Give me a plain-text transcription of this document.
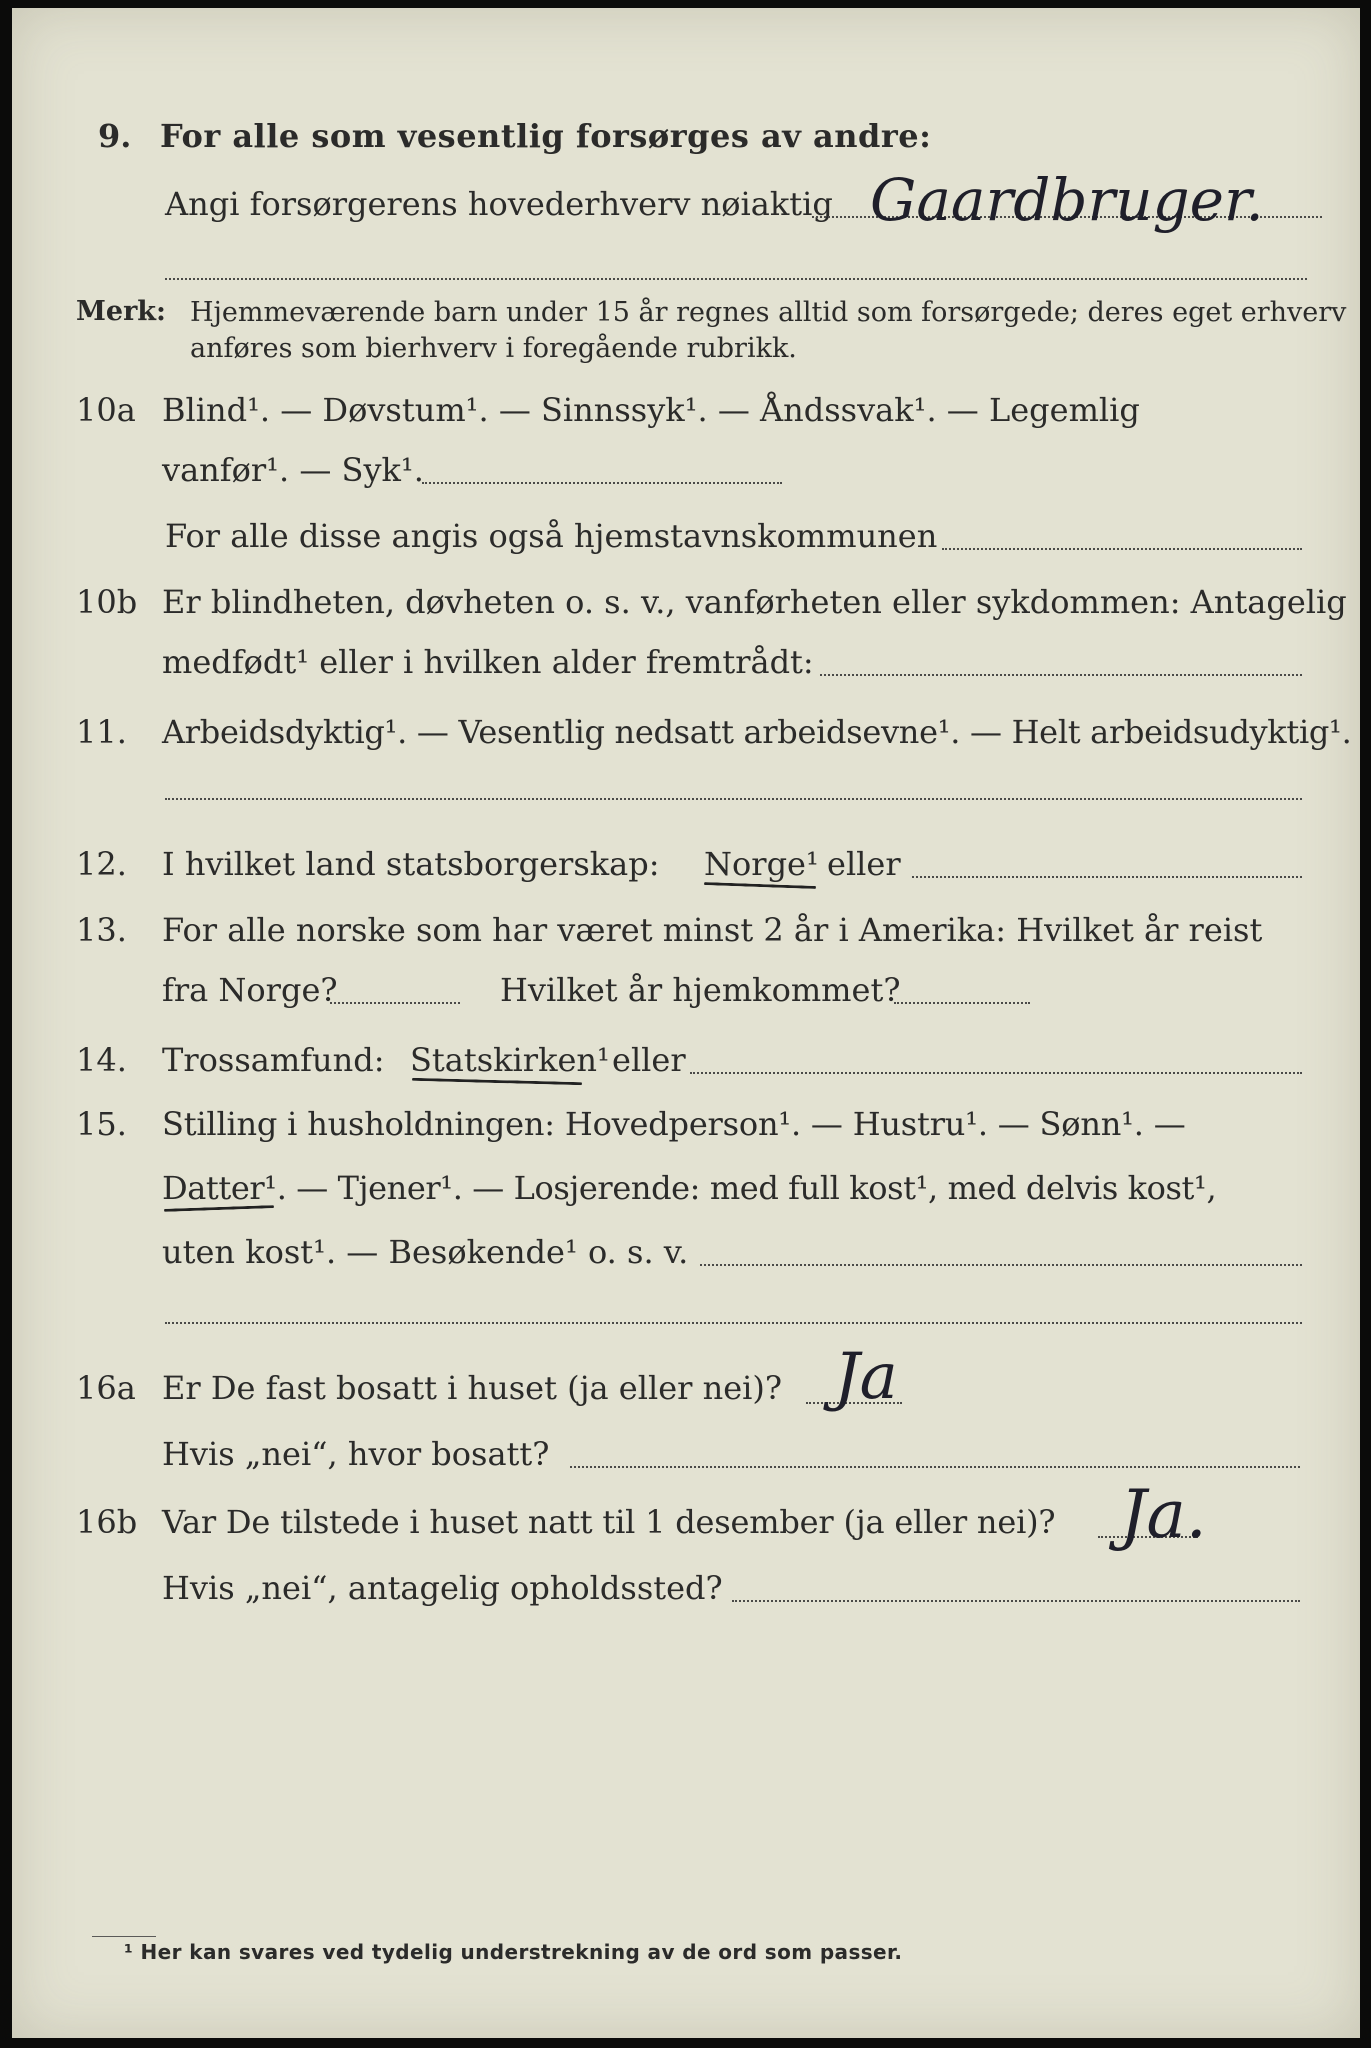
9. For alle som vesentlig forsørges av andre:
Angi forsørgerens hovederhverv nøiaktig Gaardbruger.
Merk: Hjemmeværende barn under 15 år regnes alltid som forsørgede; deres eget erhverv
anføres som bierhverv i foregående rubrikk.
10a Blind¹. — Døvstum¹. — Sinnssyk¹. — Åndssvak¹. — Legemlig
vanfør¹. — Syk¹.
For alle disse angis også hjemstavnskommunen
10b Er blindheten, døvheten o. s. v., vanførheten eller sykdommen: Antagelig
medfødt¹ eller i hvilken alder fremtrådt:
11. Arbeidsdyktig¹. — Vesentlig nedsatt arbeidsevne¹. — Helt arbeidsudyktig¹.
12. I hvilket land statsborgerskap: Norge¹ eller
13. For alle norske som har været minst 2 år i Amerika: Hvilket år reist
fra Norge?	Hvilket år hjemkommet?
14. Trossamfund: Statskirken¹ eller
15. Stilling i husholdningen: Hovedperson¹. — Hustru¹. — Sønn¹. —
Datter¹. — Tjener¹. — Losjerende: med full kost¹, med delvis kost¹,
uten kost¹. — Besøkende¹ o. s. v.
16a Er De fast bosatt i huset (ja eller nei)? Ja
Hvis „nei“, hvor bosatt?
16b Var De tilstede i huset natt til 1 desember (ja eller nei)? Ja.
Hvis „nei“, antagelig opholdssted?
¹ Her kan svares ved tydelig understrekning av de ord som passer.
